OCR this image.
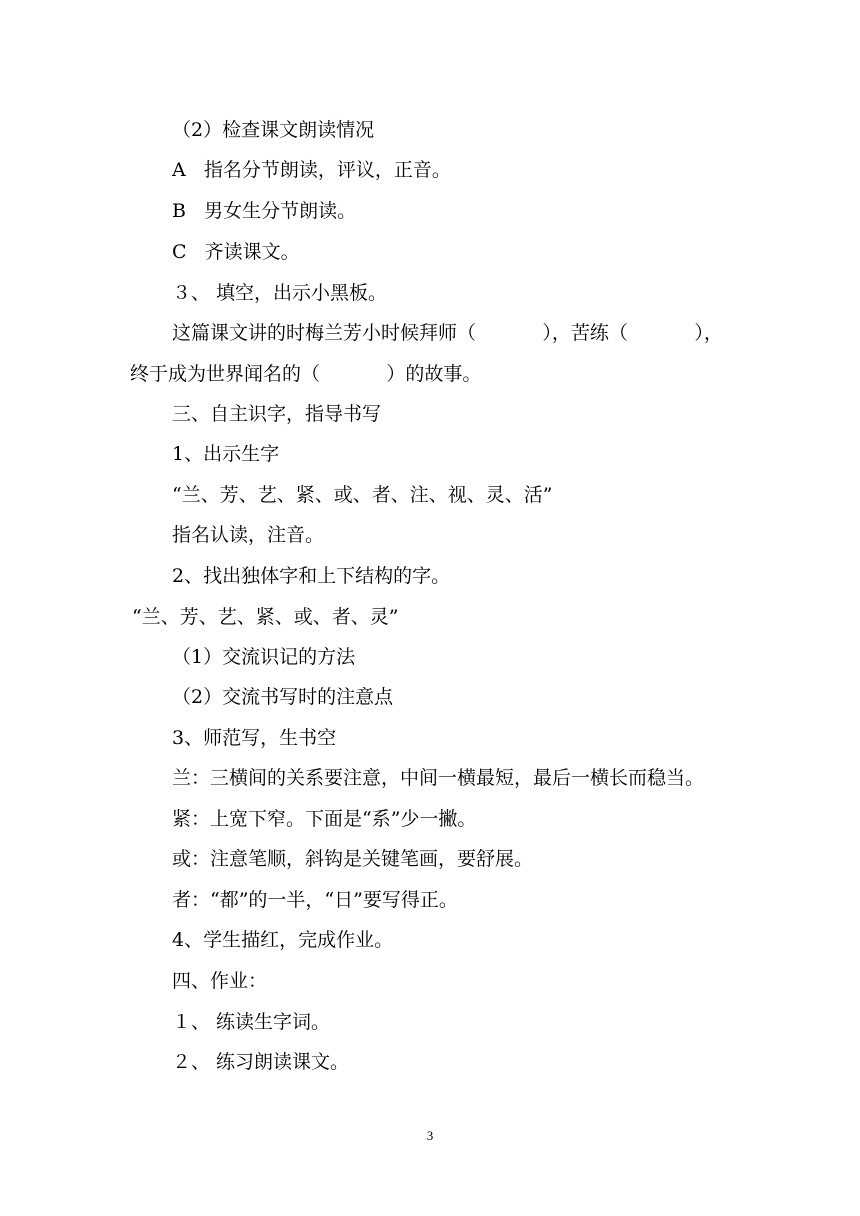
（2）检查课文朗读情况
A   指名分节朗读，评议，正音。
B   男女生分节朗读。
C   齐读课文。
３、 填空，出示小黑板。
这篇课文讲的时梅兰芳小时候拜师（           ），苦练（           ），
终于成为世界闻名的（           ）的故事。
三、自主识字，指导书写
1、出示生字
“兰、芳、艺、紧、或、者、注、视、灵、活”
指名认读，注音。
2、找出独体字和上下结构的字。
“兰、芳、艺、紧、或、者、灵”
（1）交流识记的方法
（2）交流书写时的注意点
3、师范写，生书空
兰：三横间的关系要注意，中间一横最短，最后一横长而稳当。
紧：上宽下窄。下面是“系”少一撇。
或：注意笔顺，斜钩是关键笔画，要舒展。
者：“都”的一半，“日”要写得正。
4、学生描红，完成作业。
四、作业：
１、 练读生字词。
２、 练习朗读课文。
3
